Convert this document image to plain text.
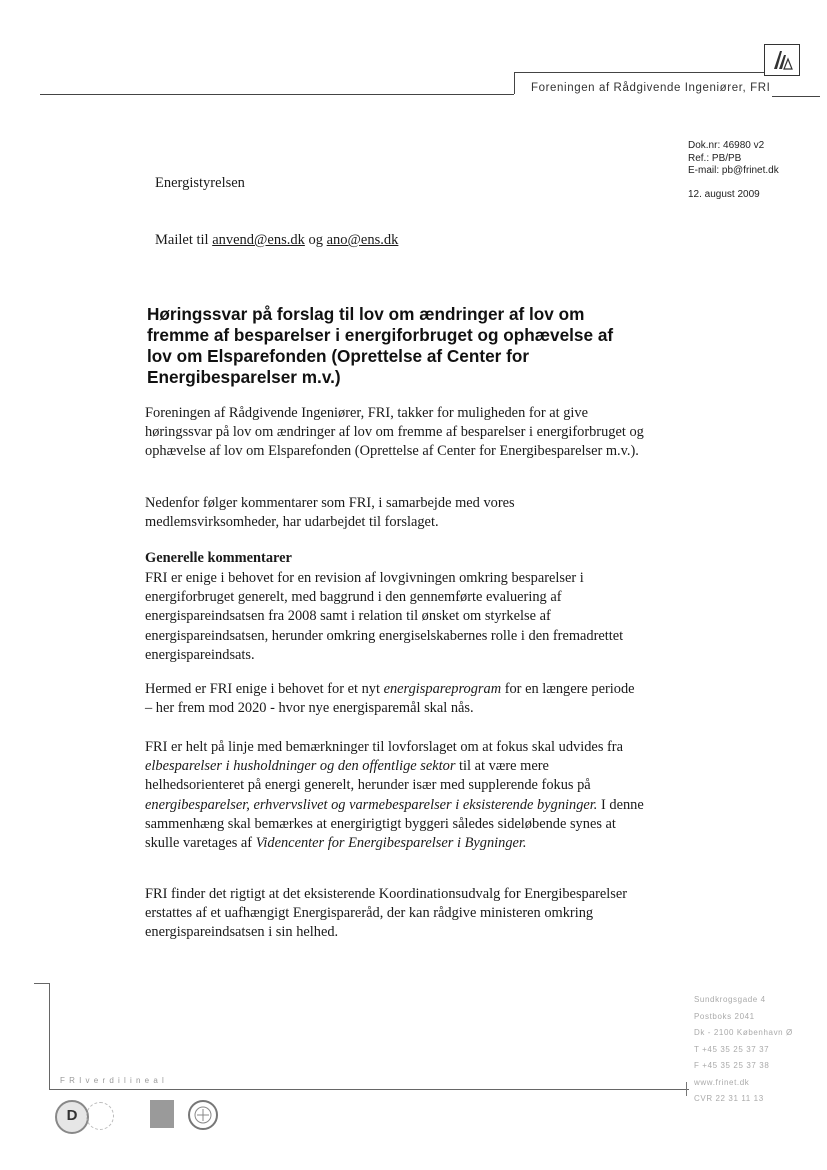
Foreningen af Rådgivende Ingeniører, FRI
Dok.nr: 46980 v2
Ref.: PB/PB
E-mail: pb@frinet.dk
12. august 2009
Energistyrelsen
Mailet til anvend@ens.dk og ano@ens.dk
Høringssvar på forslag til lov om ændringer af lov om fremme af besparelser i energiforbruget og ophævelse af lov om Elsparefonden (Oprettelse af Center for Energibesparelser m.v.)
Foreningen af Rådgivende Ingeniører, FRI, takker for muligheden for at give høringssvar på lov om ændringer af lov om fremme af besparelser i energiforbruget og ophævelse af lov om Elsparefonden (Oprettelse af Center for Energibesparelser m.v.).
Nedenfor følger kommentarer som FRI, i samarbejde med vores medlemsvirksomheder, har udarbejdet til forslaget.
Generelle kommentarer
FRI er enige i behovet for en revision af lovgivningen omkring besparelser i energiforbruget generelt, med baggrund i den gennemførte evaluering af energispareindsatsen fra 2008 samt i relation til ønsket om styrkelse af energispareindsatsen, herunder omkring energiselskabernes rolle i den fremadrettet energispareindsats.
Hermed er FRI enige i behovet for et nyt energispareprogram for en længere periode – her frem mod 2020 - hvor nye energisparemål skal nås.
FRI er helt på linje med bemærkninger til lovforslaget om at fokus skal udvides fra elbesparelser i husholdninger og den offentlige sektor til at være mere helhedsorienteret på energi generelt, herunder især med supplerende fokus på energibesparelser, erhvervslivet og varmebesparelser i eksisterende bygninger. I denne sammenhæng skal bemærkes at energirigtigt byggeri således sideløbende synes at skulle varetages af Videncenter for Energibesparelser i Bygninger.
FRI finder det rigtigt at det eksisterende Koordinationsudvalg for Energibesparelser erstattes af et uafhængigt Energispareråd, der kan rådgive ministeren omkring energispareindsatsen i sin helhed.
F R I v e r d i l i n e a l
Sundkrogsgade 4
Postboks 2041
Dk - 2100 København Ø
T +45 35 25 37 37
F +45 35 25 37 38
www.frinet.dk
CVR 22 31 11 13
D
